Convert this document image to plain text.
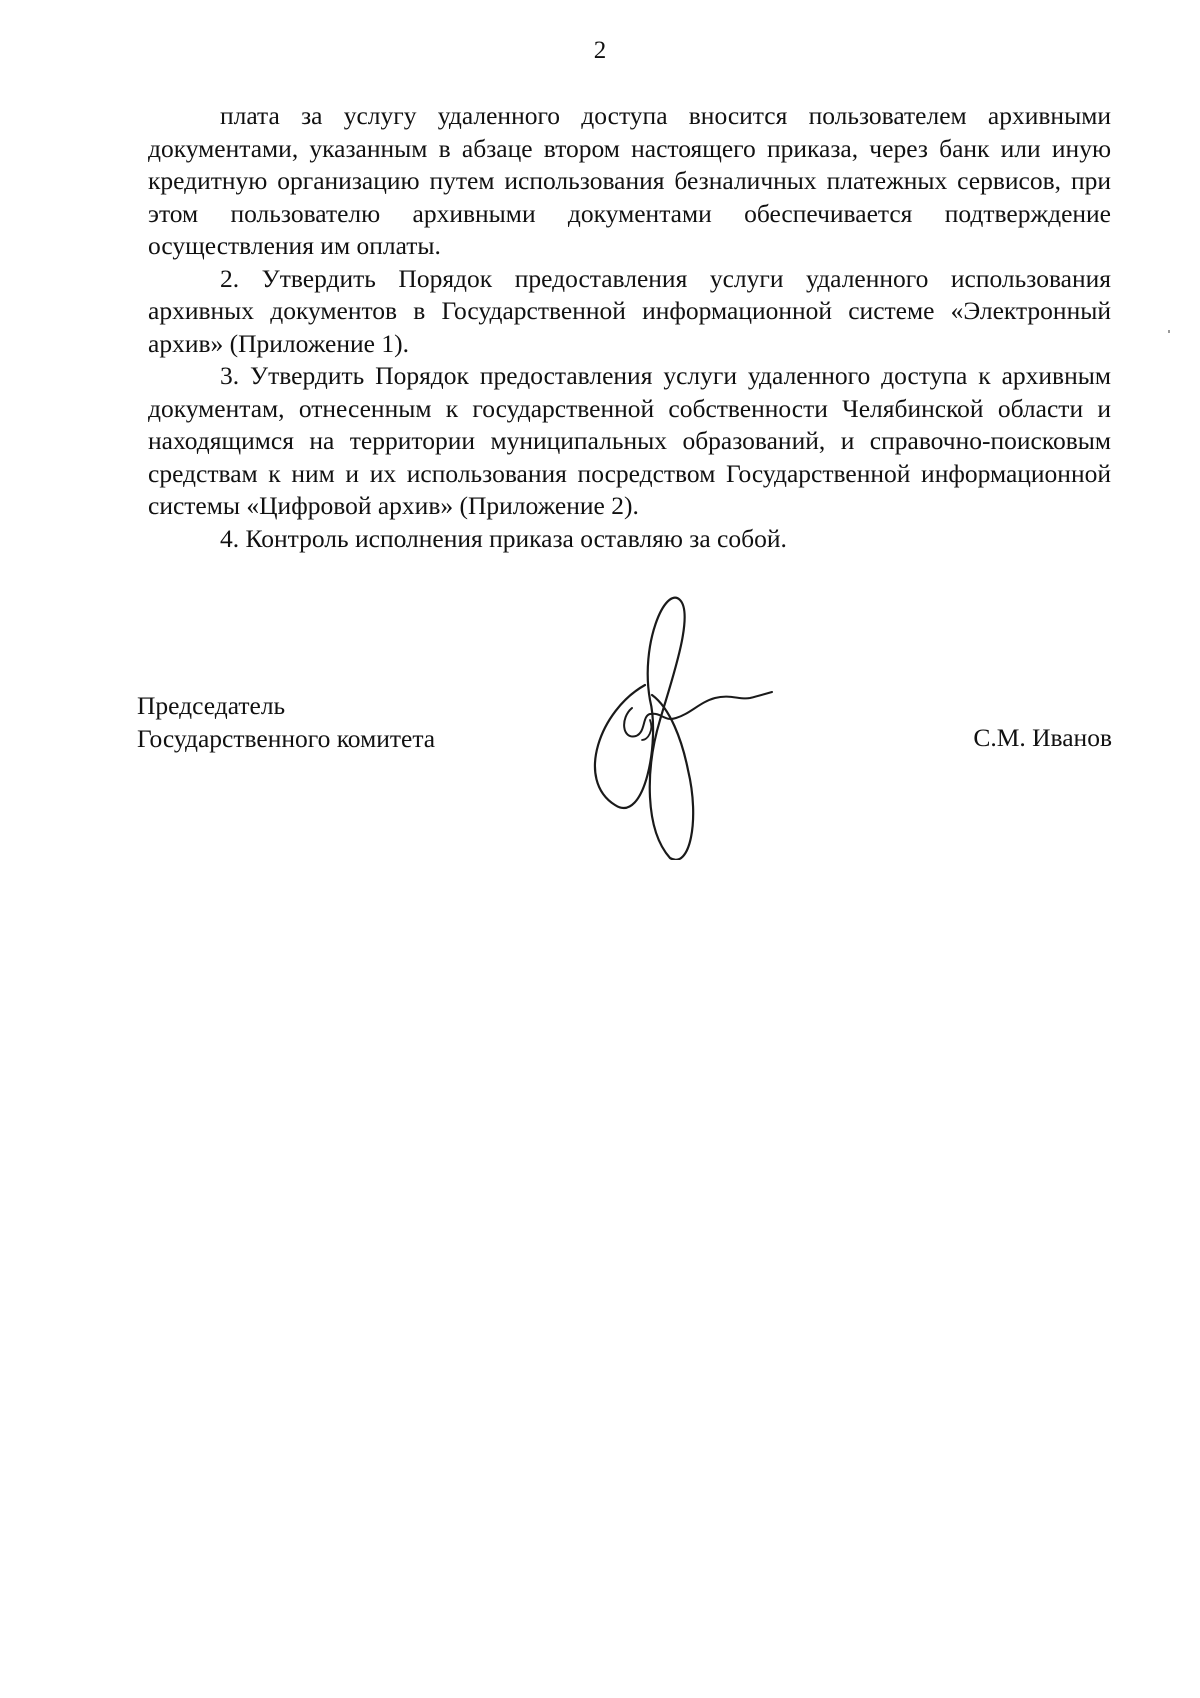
2

плата за услугу удаленного доступа вносится пользователем архивными документами, указанным в абзаце втором настоящего приказа, через банк или иную кредитную организацию путем использования безналичных платежных сервисов, при этом пользователю архивными документами обеспечивается подтверждение осуществления им оплаты.

2. Утвердить Порядок предоставления услуги удаленного использования архивных документов в Государственной информационной системе «Электронный архив» (Приложение 1).

3. Утвердить Порядок предоставления услуги удаленного доступа к архивным документам, отнесенным к государственной собственности Челябинской области и находящимся на территории муниципальных образований, и справочно-поисковым средствам к ним и их использования посредством Государственной информационной системы «Цифровой архив» (Приложение 2).

4. Контроль исполнения приказа оставляю за собой.

Председатель
Государственного комитета	С.М. Иванов
